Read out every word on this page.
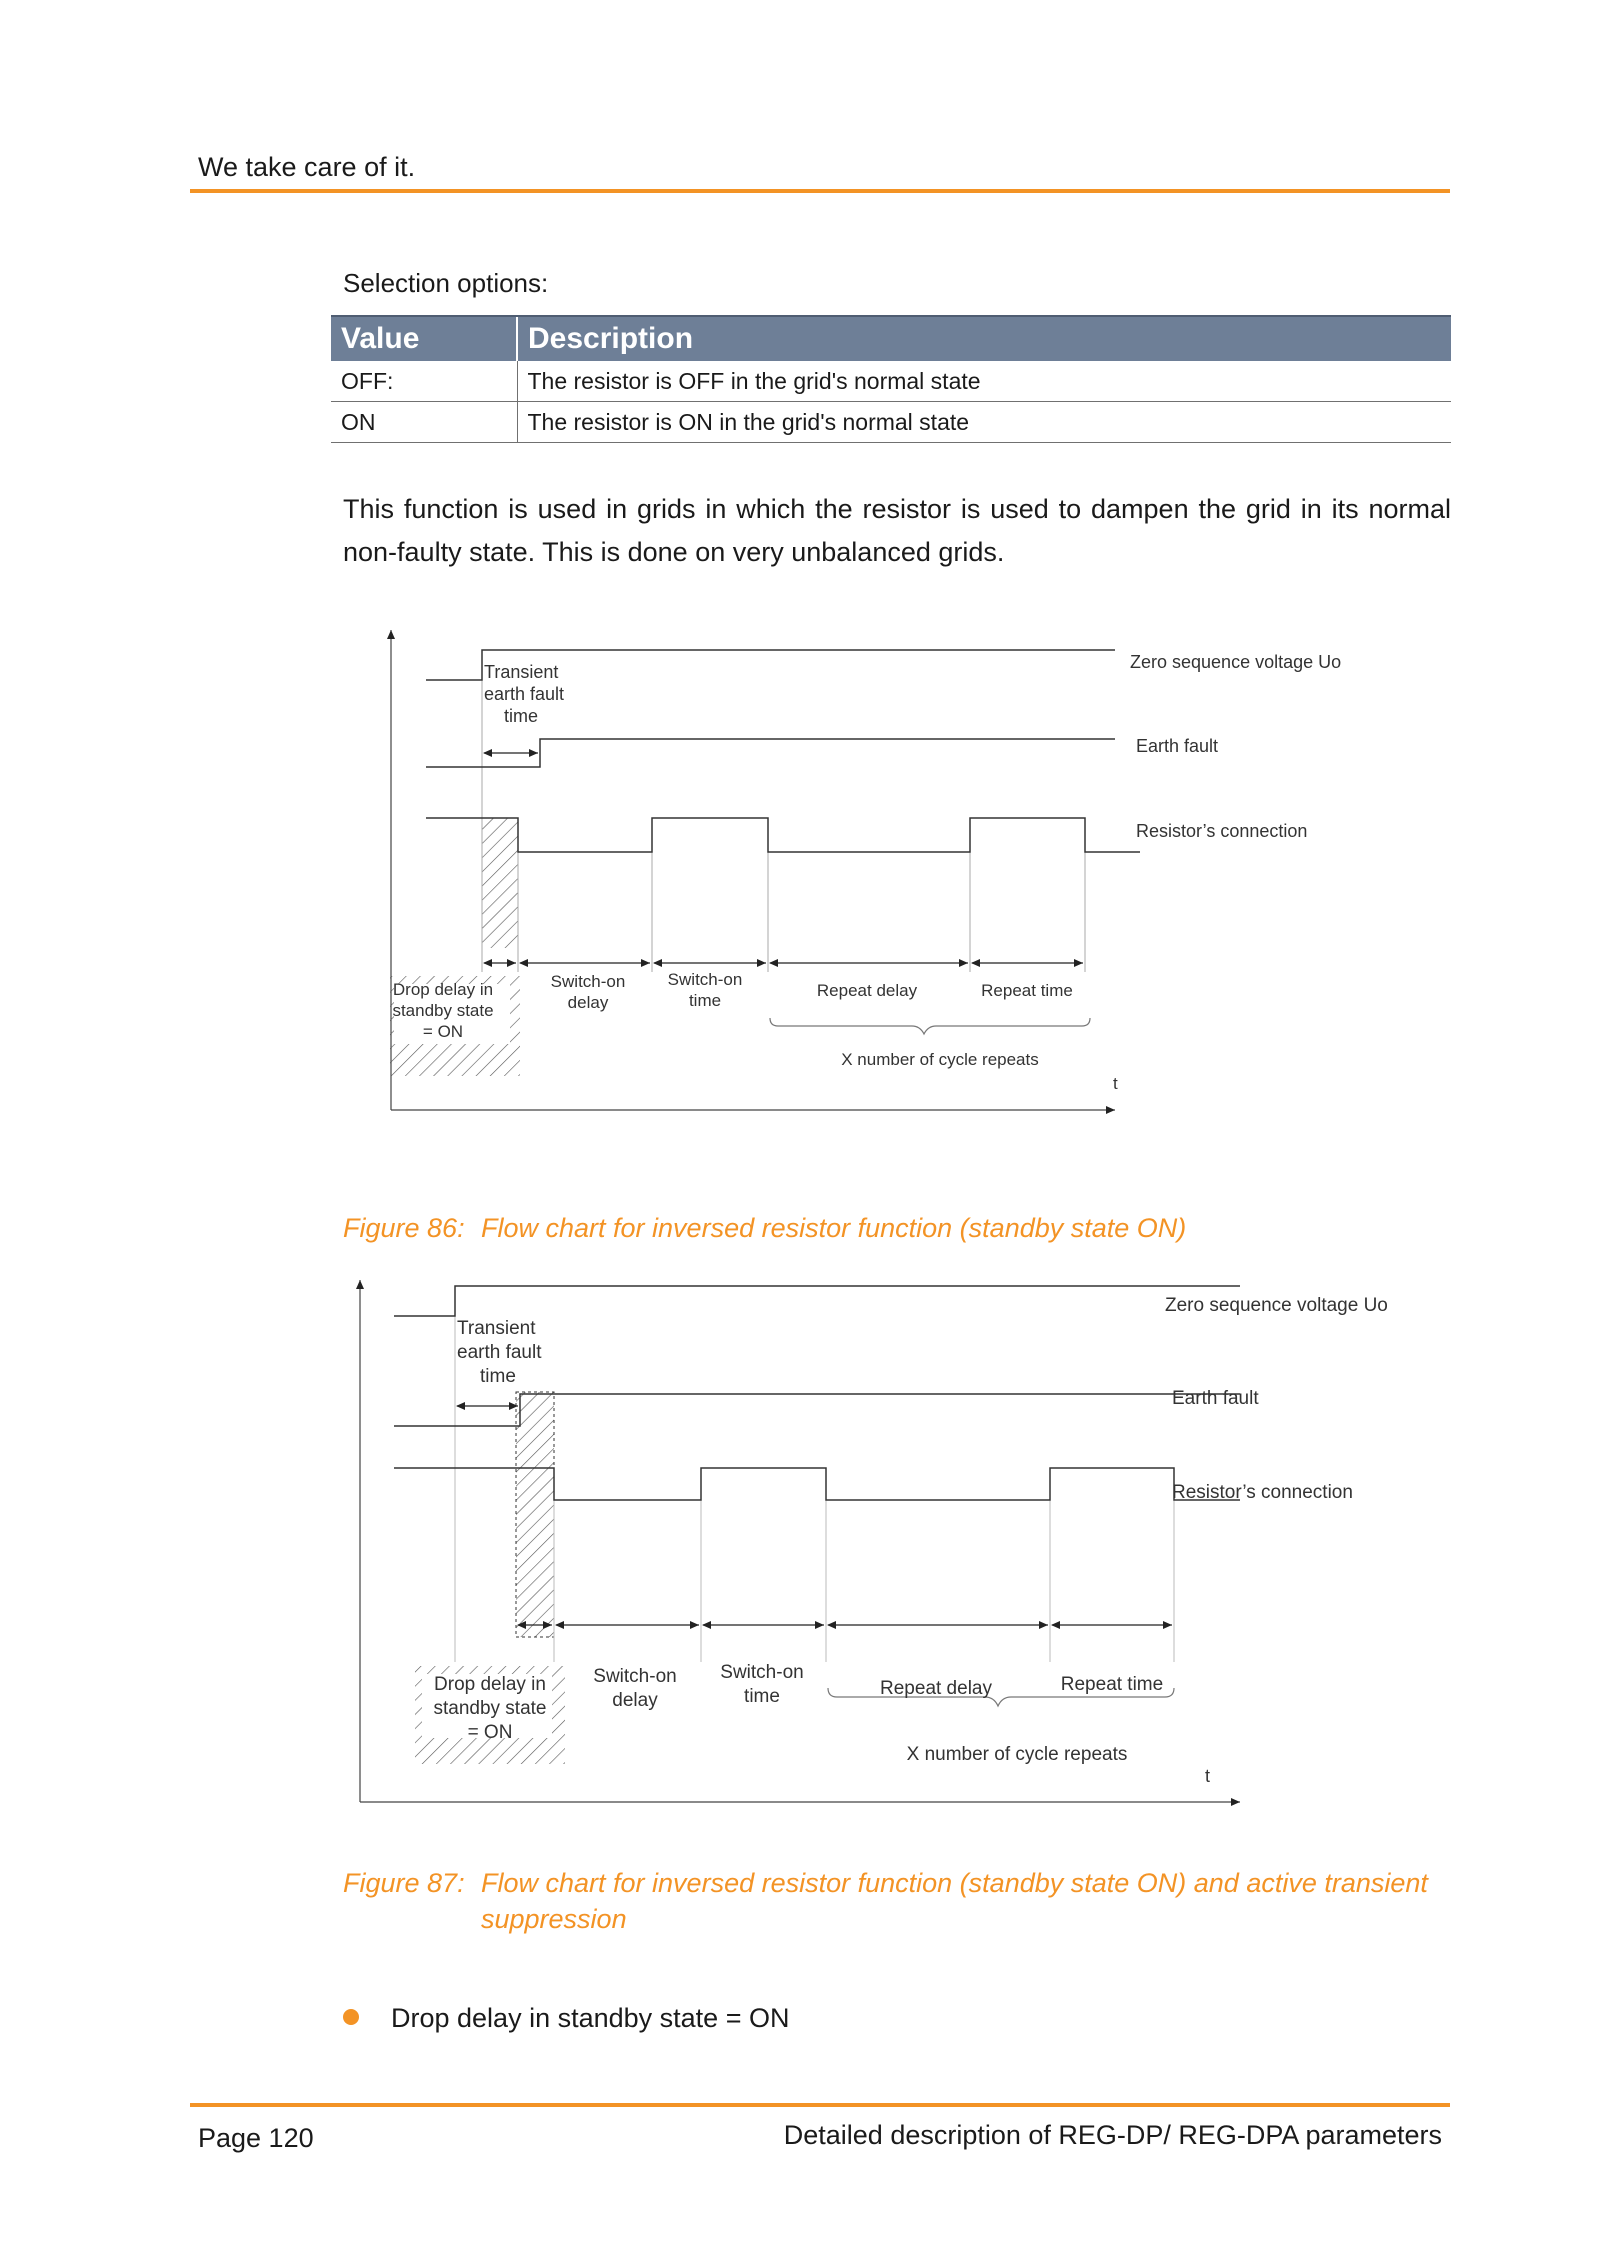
We take care of it.
Selection options:
Value	Description
OFF:	The resistor is OFF in the grid's normal state
ON	The resistor is ON in the grid's normal state
This function is used in grids in which the resistor is used to dampen the grid in its normal non-faulty state. This is done on very unbalanced grids.
Zero sequence voltage Uo
Earth fault
Resistor’s connection
Transient
earth fault
time
Drop delay in
standby state
= ON
Switch-on
delay
Switch-on
time
Repeat delay	Repeat time
X number of cycle repeats
t
Figure 86: Flow chart for inversed resistor function (standby state ON)
Zero sequence voltage Uo
Earth fault
Resistor’s connection
Transient
earth fault
time
Drop delay in
standby state
= ON
Switch-on
delay
Switch-on
time	Repeat delay	Repeat time
X number of cycle repeats
t
Figure 87: Flow chart for inversed resistor function (standby state ON) and active transient
suppression
Drop delay in standby state = ON
Page 120	Detailed description of REG-DP/ REG-DPA parameters
